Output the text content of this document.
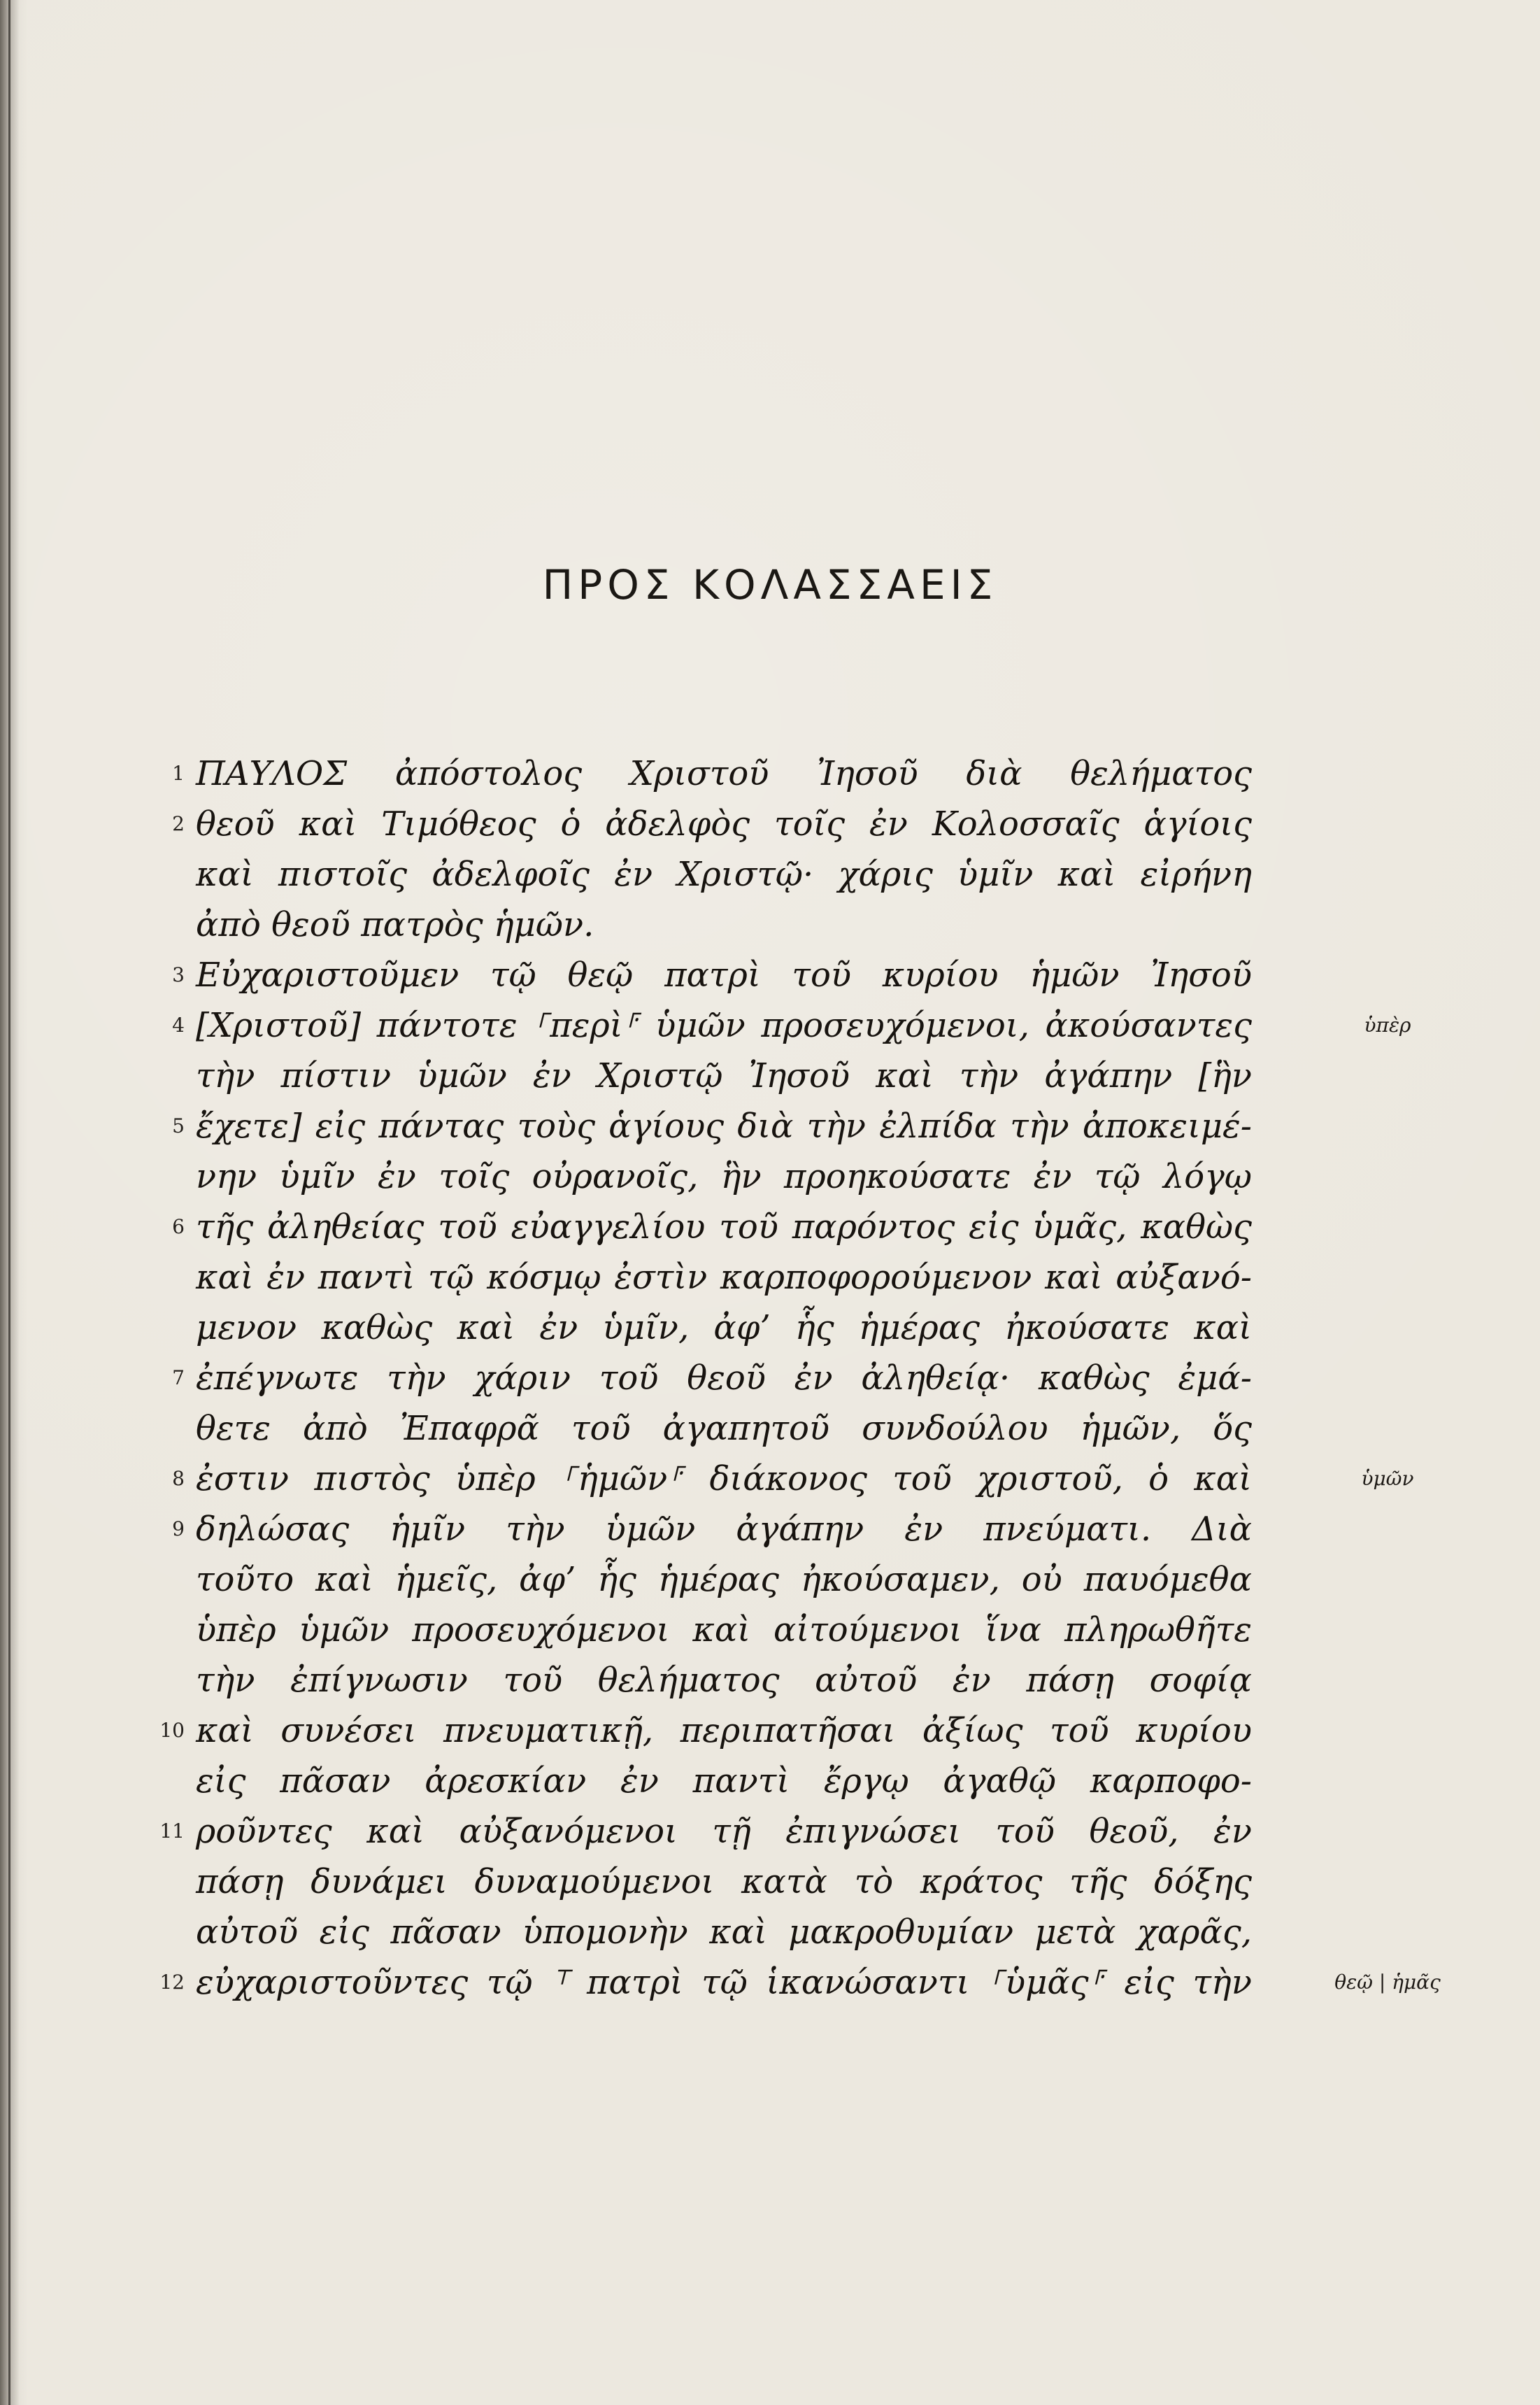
ΠΡΟΣ ΚΟΛΑΣΣΑΕΙΣ
1 ΠΑΥΛΟΣ ἀπόστολος Χριστοῦ Ἰησοῦ διὰ θελήματος
2 θεοῦ καὶ Τιμόθεος ὁ ἀδελφὸς τοῖς ἐν Κολοσσαῖς ἁγίοις
καὶ πιστοῖς ἀδελφοῖς ἐν Χριστῷ· χάρις ὑμῖν καὶ εἰρήνη
ἀπὸ θεοῦ πατρὸς ἡμῶν.
3 Εὐχαριστοῦμεν τῷ θεῷ πατρὶ τοῦ κυρίου ἡμῶν Ἰησοῦ
4 [Χριστοῦ] πάντοτε ⸀περὶ⸁ ὑμῶν προσευχόμενοι, ἀκούσαντες	ὑπὲρ
τὴν πίστιν ὑμῶν ἐν Χριστῷ Ἰησοῦ καὶ τὴν ἀγάπην [ἣν
5 ἔχετε] εἰς πάντας τοὺς ἁγίους διὰ τὴν ἐλπίδα τὴν ἀποκειμέ-
νην ὑμῖν ἐν τοῖς οὐρανοῖς, ἣν προηκούσατε ἐν τῷ λόγῳ
6 τῆς ἀληθείας τοῦ εὐαγγελίου τοῦ παρόντος εἰς ὑμᾶς, καθὼς
καὶ ἐν παντὶ τῷ κόσμῳ ἐστὶν καρποφορούμενον καὶ αὐξανό-
μενον καθὼς καὶ ἐν ὑμῖν, ἀφ’ ἧς ἡμέρας ἠκούσατε καὶ
7 ἐπέγνωτε τὴν χάριν τοῦ θεοῦ ἐν ἀληθείᾳ· καθὼς ἐμά-
θετε ἀπὸ Ἐπαφρᾶ τοῦ ἀγαπητοῦ συνδούλου ἡμῶν, ὅς
8 ἐστιν πιστὸς ὑπὲρ ⸀ἡμῶν⸁ διάκονος τοῦ χριστοῦ, ὁ καὶ	ὑμῶν
9 δηλώσας ἡμῖν τὴν ὑμῶν ἀγάπην ἐν πνεύματι. Διὰ
τοῦτο καὶ ἡμεῖς, ἀφ’ ἧς ἡμέρας ἠκούσαμεν, οὐ παυόμεθα
ὑπὲρ ὑμῶν προσευχόμενοι καὶ αἰτούμενοι ἵνα πληρωθῆτε
τὴν ἐπίγνωσιν τοῦ θελήματος αὐτοῦ ἐν πάσῃ σοφίᾳ
10 καὶ συνέσει πνευματικῇ, περιπατῆσαι ἀξίως τοῦ κυρίου
εἰς πᾶσαν ἀρεσκίαν ἐν παντὶ ἔργῳ ἀγαθῷ καρποφο-
11 ροῦντες καὶ αὐξανόμενοι τῇ ἐπιγνώσει τοῦ θεοῦ, ἐν
πάσῃ δυνάμει δυναμούμενοι κατὰ τὸ κράτος τῆς δόξης
αὐτοῦ εἰς πᾶσαν ὑπομονὴν καὶ μακροθυμίαν μετὰ χαρᾶς,
12 εὐχαριστοῦντες τῷ ⸆ πατρὶ τῷ ἱκανώσαντι ⸀ὑμᾶς⸁ εἰς τὴν	θεῷ | ἡμᾶς
